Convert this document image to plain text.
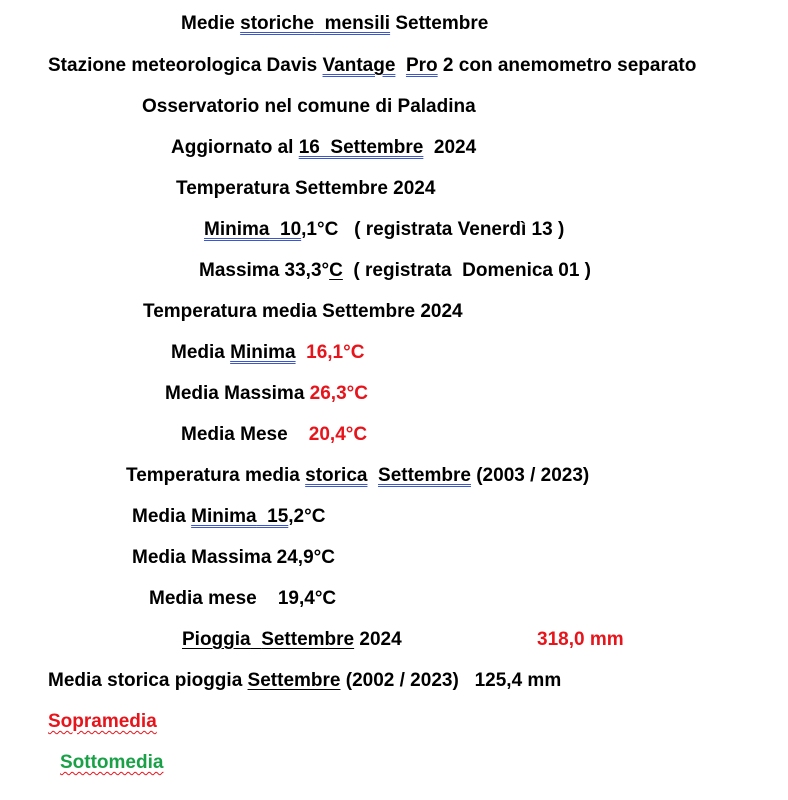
Medie storiche  mensili Settembre
Stazione meteorologica Davis Vantage Pro 2 con anemometro separato
Osservatorio nel comune di Paladina
Aggiornato al 16  Settembre  2024
Temperatura Settembre 2024
Minima  10,1°C   ( registrata Venerdì 13 )
Massima 33,3°C  ( registrata  Domenica 01 )
Temperatura media Settembre 2024
Media Minima  16,1°C
Media Massima 26,3°C
Media Mese    20,4°C
Temperatura media storica Settembre (2003 / 2023)
Media Minima  15,2°C
Media Massima 24,9°C
Media mese    19,4°C
Pioggia Settembre 2024	318,0 mm
Media storica pioggia Settembre (2002 / 2023)   125,4 mm
Sopramedia
Sottomedia
